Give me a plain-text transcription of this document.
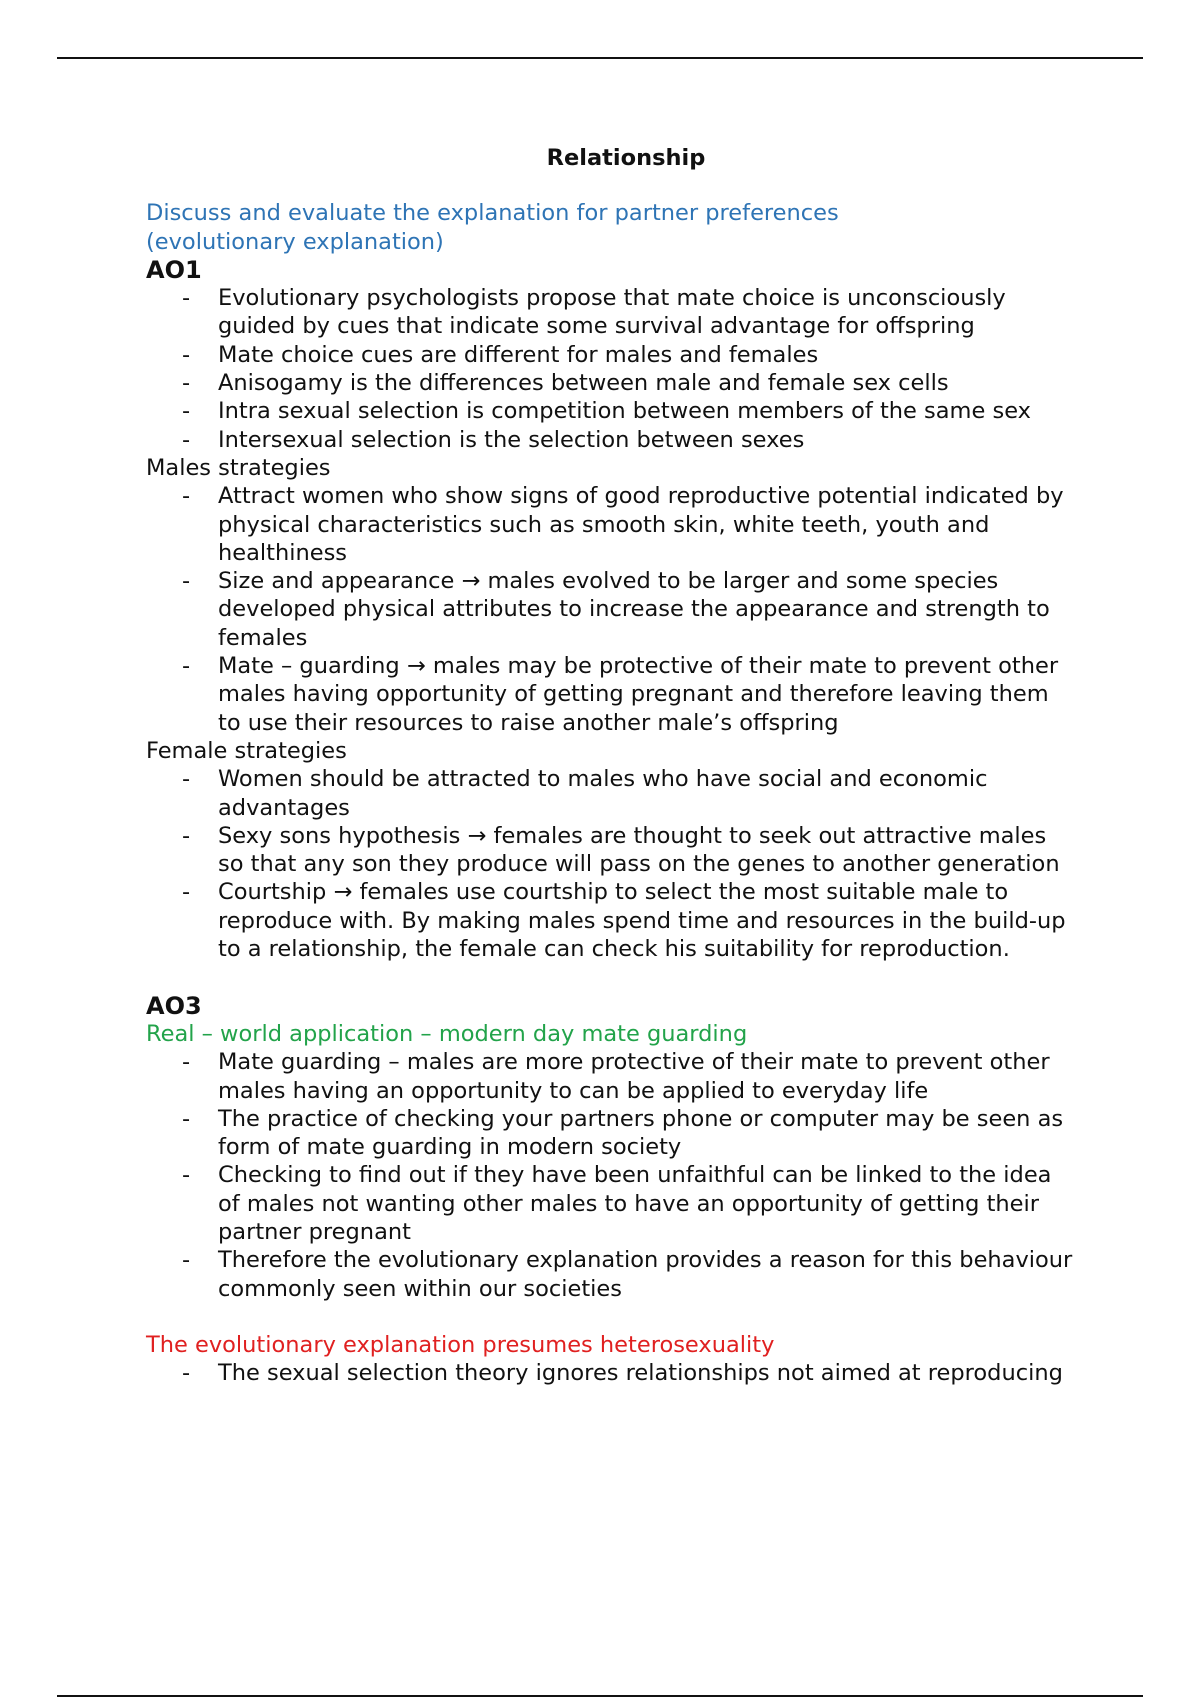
Relationship
Discuss and evaluate the explanation for partner preferences (evolutionary explanation)
AO1
- Evolutionary psychologists propose that mate choice is unconsciously guided by cues that indicate some survival advantage for offspring
- Mate choice cues are different for males and females
- Anisogamy is the differences between male and female sex cells
- Intra sexual selection is competition between members of the same sex
- Intersexual selection is the selection between sexes
Males strategies
- Attract women who show signs of good reproductive potential indicated by physical characteristics such as smooth skin, white teeth, youth and healthiness
- Size and appearance → males evolved to be larger and some species developed physical attributes to increase the appearance and strength to females
- Mate – guarding → males may be protective of their mate to prevent other males having opportunity of getting pregnant and therefore leaving them to use their resources to raise another male’s offspring
Female strategies
- Women should be attracted to males who have social and economic advantages
- Sexy sons hypothesis → females are thought to seek out attractive males so that any son they produce will pass on the genes to another generation
- Courtship → females use courtship to select the most suitable male to reproduce with. By making males spend time and resources in the build-up to a relationship, the female can check his suitability for reproduction.
AO3
Real – world application – modern day mate guarding
- Mate guarding – males are more protective of their mate to prevent other males having an opportunity to can be applied to everyday life
- The practice of checking your partners phone or computer may be seen as form of mate guarding in modern society
- Checking to find out if they have been unfaithful can be linked to the idea of males not wanting other males to have an opportunity of getting their partner pregnant
- Therefore the evolutionary explanation provides a reason for this behaviour commonly seen within our societies
The evolutionary explanation presumes heterosexuality
- The sexual selection theory ignores relationships not aimed at reproducing
